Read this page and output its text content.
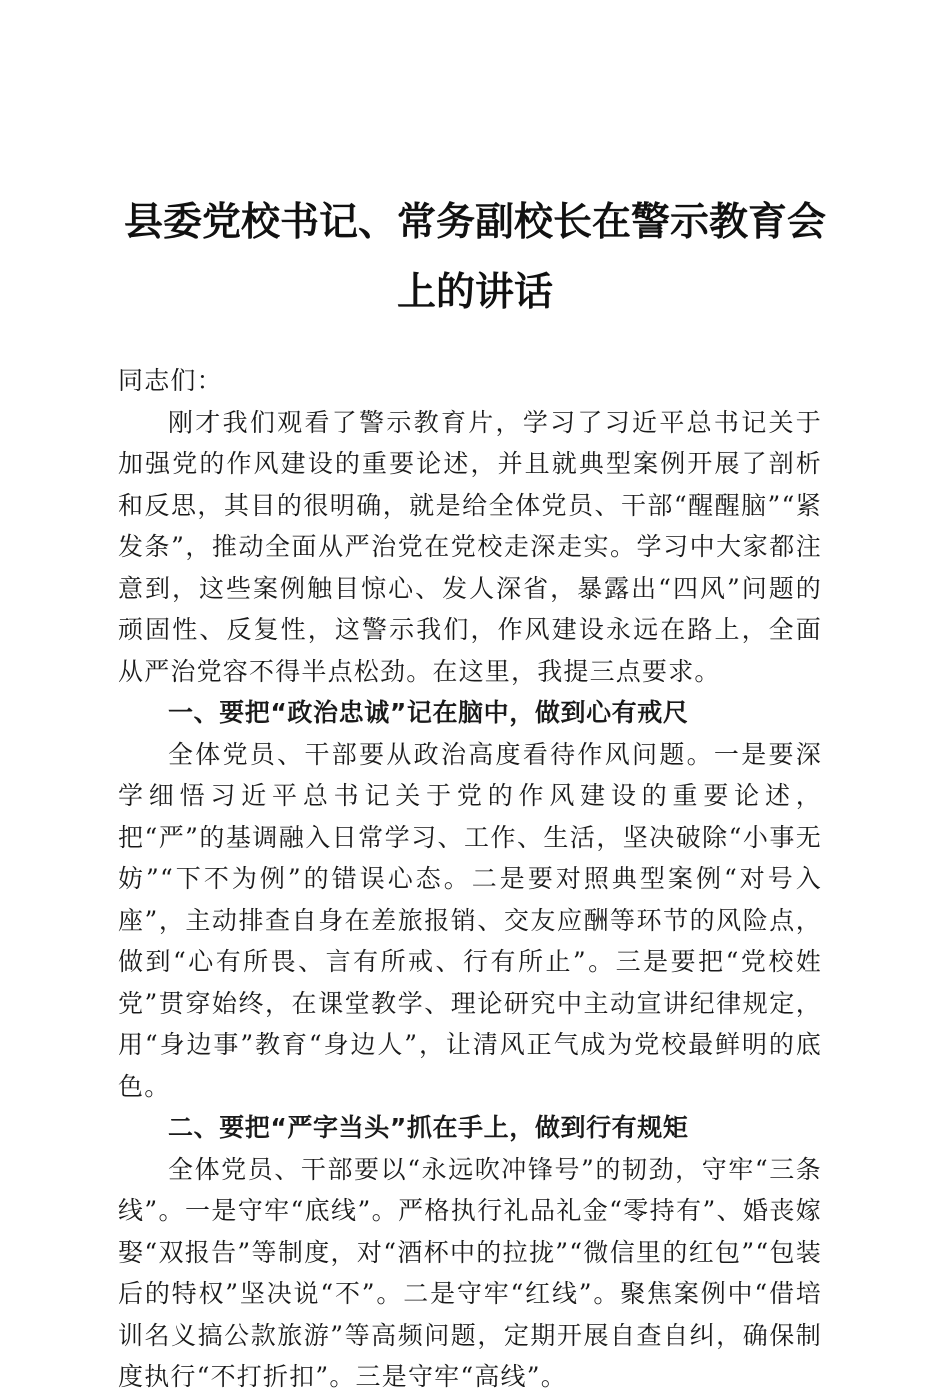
县委党校书记、常务副校长在警示教育会上的讲话

同志们：

刚才我们观看了警示教育片，学习了习近平总书记关于加强党的作风建设的重要论述，并且就典型案例开展了剖析和反思，其目的很明确，就是给全体党员、干部“醒醒脑”“紧发条”，推动全面从严治党在党校走深走实。学习中大家都注意到，这些案例触目惊心、发人深省，暴露出“四风”问题的顽固性、反复性，这警示我们，作风建设永远在路上，全面从严治党容不得半点松劲。在这里，我提三点要求。

一、要把“政治忠诚”记在脑中，做到心有戒尺

全体党员、干部要从政治高度看待作风问题。一是要深学细悟习近平总书记关于党的作风建设的重要论述，把“严”的基调融入日常学习、工作、生活，坚决破除“小事无妨”“下不为例”的错误心态。二是要对照典型案例“对号入座”，主动排查自身在差旅报销、交友应酬等环节的风险点，做到“心有所畏、言有所戒、行有所止”。三是要把“党校姓党”贯穿始终，在课堂教学、理论研究中主动宣讲纪律规定，用“身边事”教育“身边人”，让清风正气成为党校最鲜明的底色。

二、要把“严字当头”抓在手上，做到行有规矩

全体党员、干部要以“永远吹冲锋号”的韧劲，守牢“三条线”。一是守牢“底线”。严格执行礼品礼金“零持有”、婚丧嫁娶“双报告”等制度，对“酒杯中的拉拢”“微信里的红包”“包装后的特权”坚决说“不”。二是守牢“红线”。聚焦案例中“借培训名义搞公款旅游”等高频问题，定期开展自查自纠，确保制度执行“不打折扣”。三是守牢“高线”。
